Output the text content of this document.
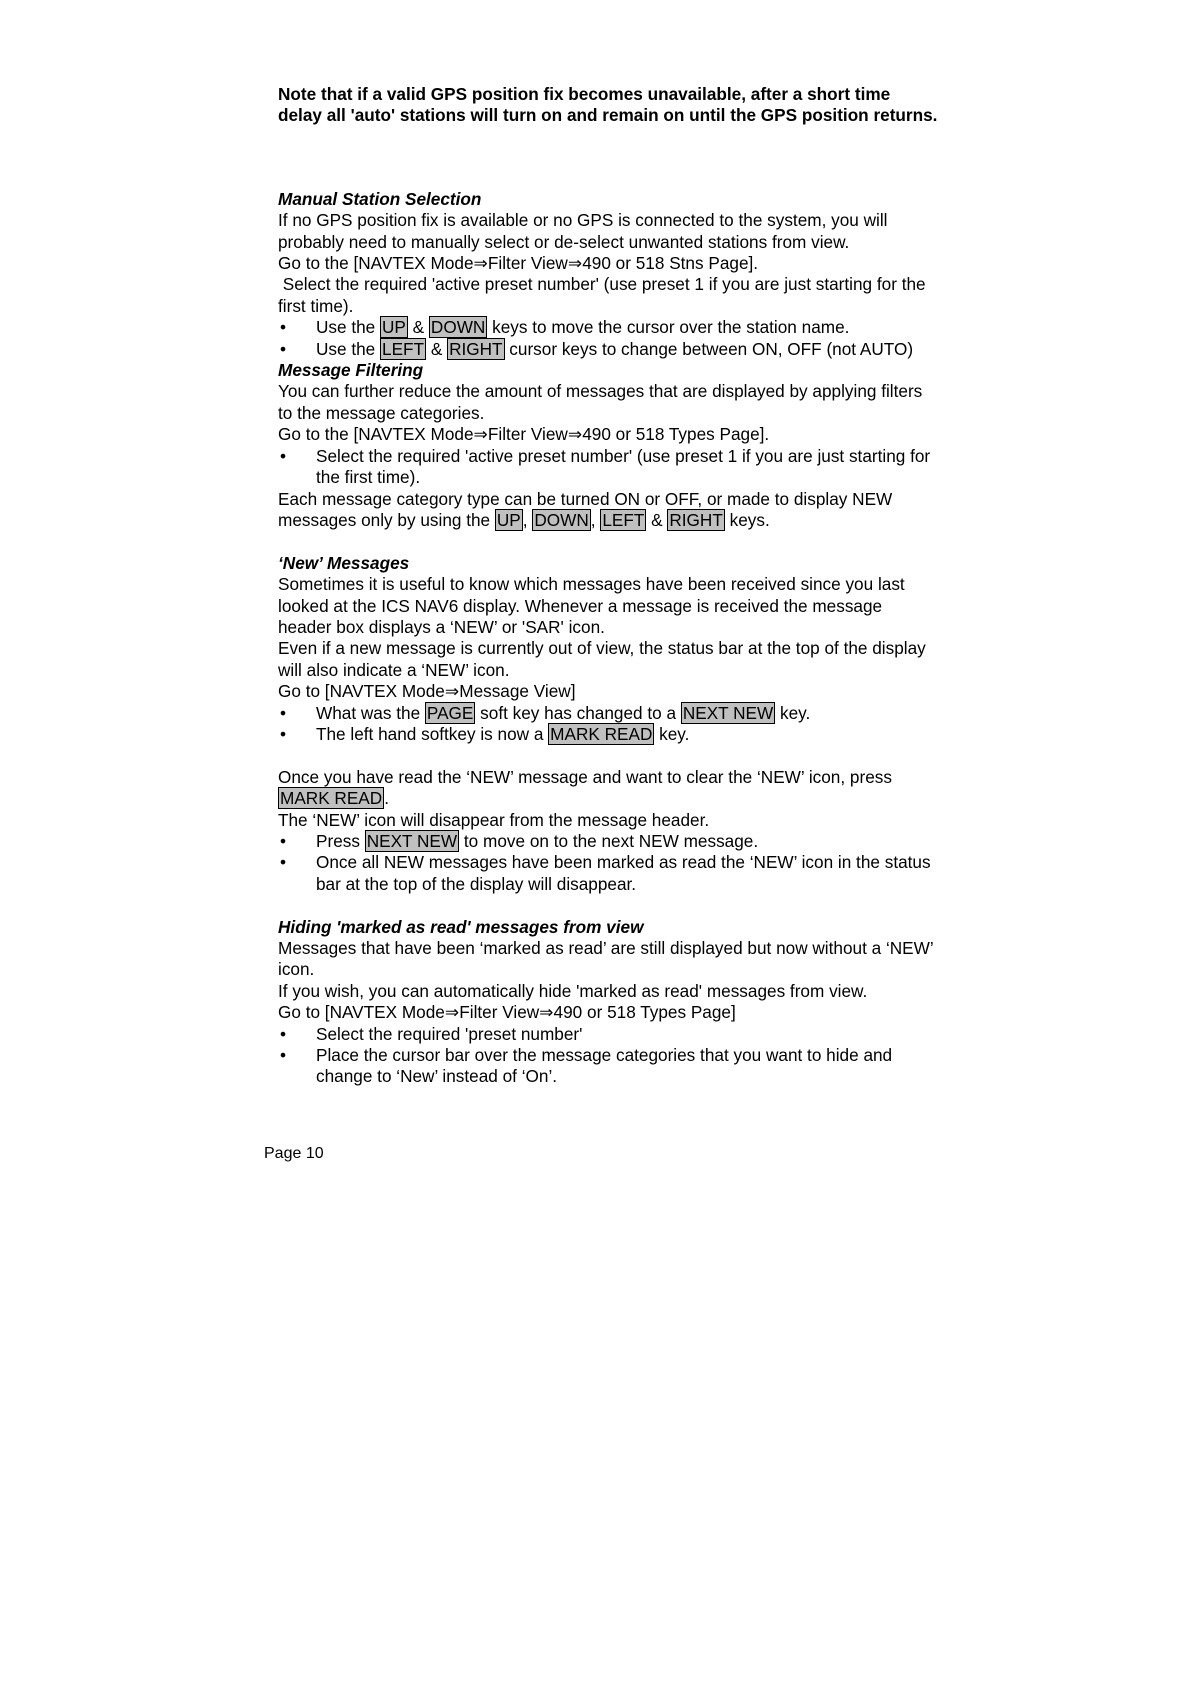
Note that if a valid GPS position fix becomes unavailable, after a short time delay all 'auto' stations will turn on and remain on until the GPS position returns.

Manual Station Selection

If no GPS position fix is available or no GPS is connected to the system, you will probably need to manually select or de-select unwanted stations from view.

Go to the [NAVTEX Mode⇒Filter View⇒490 or 518 Stns Page].

Select the required 'active preset number' (use preset 1 if you are just starting for the first time).

• Use the UP & DOWN keys to move the cursor over the station name.
• Use the LEFT & RIGHT cursor keys to change between ON, OFF (not AUTO)

Message Filtering

You can further reduce the amount of messages that are displayed by applying filters to the message categories.

Go to the [NAVTEX Mode⇒Filter View⇒490 or 518 Types Page].

• Select the required 'active preset number' (use preset 1 if you are just starting for the first time).

Each message category type can be turned ON or OFF, or made to display NEW messages only by using the UP , DOWN , LEFT & RIGHT keys.

‘New’ Messages

Sometimes it is useful to know which messages have been received since you last looked at the ICS NAV6 display. Whenever a message is received the message header box displays a ‘NEW’ or 'SAR' icon.

Even if a new message is currently out of view, the status bar at the top of the display will also indicate a ‘NEW’ icon.

Go to [NAVTEX Mode⇒Message View]

• What was the PAGE soft key has changed to a NEXT NEW key.
• The left hand softkey is now a MARK READ key.

Once you have read the ‘NEW’ message and want to clear the ‘NEW’ icon, press MARK READ .

The ‘NEW’ icon will disappear from the message header.

• Press NEXT NEW to move on to the next NEW message.
• Once all NEW messages have been marked as read the ‘NEW’ icon in the status bar at the top of the display will disappear.

Hiding 'marked as read' messages from view

Messages that have been ‘marked as read’ are still displayed but now without a ‘NEW’ icon.

If you wish, you can automatically hide 'marked as read' messages from view.

Go to [NAVTEX Mode⇒Filter View⇒490 or 518 Types Page]

• Select the required 'preset number'
• Place the cursor bar over the message categories that you want to hide and change to ‘New’ instead of ‘On’.
Page 10
